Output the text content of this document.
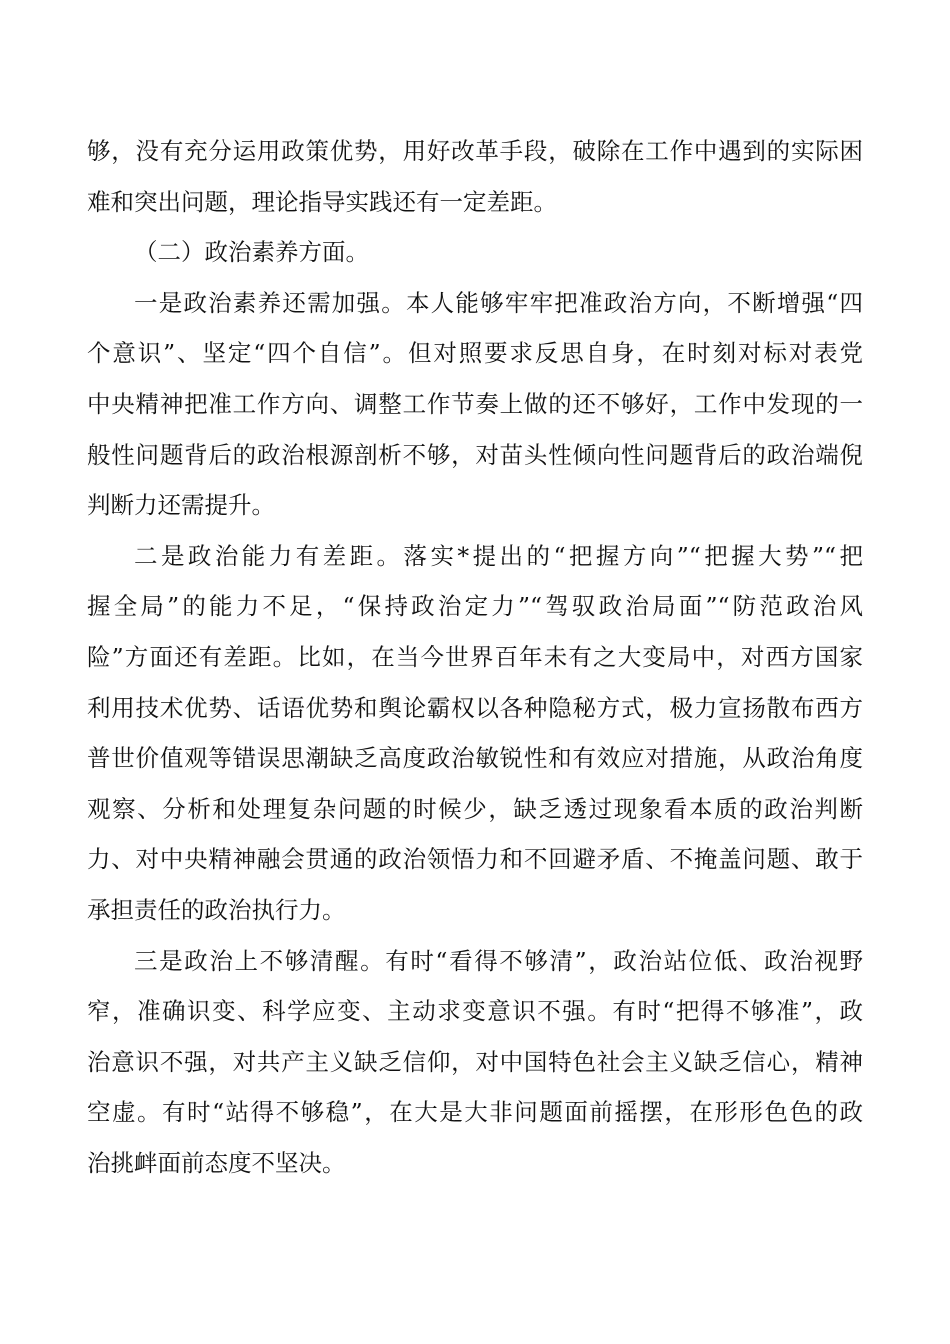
够，没有充分运用政策优势，用好改革手段，破除在工作中遇到的实际困
难和突出问题，理论指导实践还有一定差距。
（二）政治素养方面。
一是政治素养还需加强。本人能够牢牢把准政治方向，不断增强“四
个意识”、坚定“四个自信”。但对照要求反思自身，在时刻对标对表党
中央精神把准工作方向、调整工作节奏上做的还不够好，工作中发现的一
般性问题背后的政治根源剖析不够，对苗头性倾向性问题背后的政治端倪
判断力还需提升。
二是政治能力有差距。落实*提出的“把握方向”“把握大势”“把
握全局”的能力不足，“保持政治定力”“驾驭政治局面”“防范政治风
险”方面还有差距。比如，在当今世界百年未有之大变局中，对西方国家
利用技术优势、话语优势和舆论霸权以各种隐秘方式，极力宣扬散布西方
普世价值观等错误思潮缺乏高度政治敏锐性和有效应对措施，从政治角度
观察、分析和处理复杂问题的时候少，缺乏透过现象看本质的政治判断
力、对中央精神融会贯通的政治领悟力和不回避矛盾、不掩盖问题、敢于
承担责任的政治执行力。
三是政治上不够清醒。有时“看得不够清”，政治站位低、政治视野
窄，准确识变、科学应变、主动求变意识不强。有时“把得不够准”，政
治意识不强，对共产主义缺乏信仰，对中国特色社会主义缺乏信心，精神
空虚。有时“站得不够稳”，在大是大非问题面前摇摆，在形形色色的政
治挑衅面前态度不坚决。
